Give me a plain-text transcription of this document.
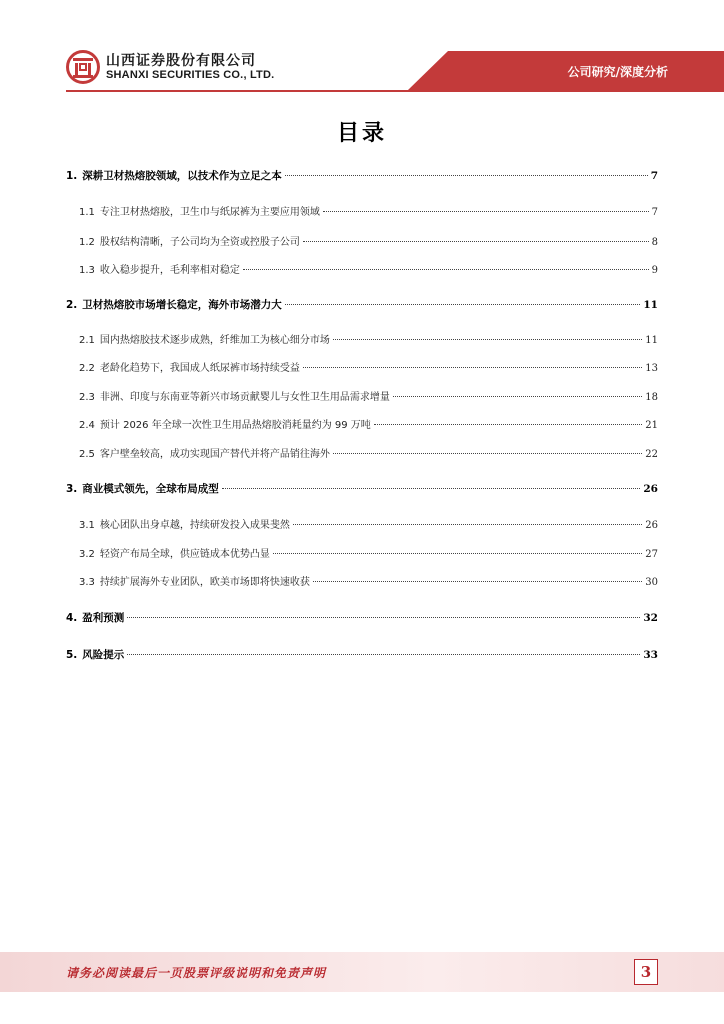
山西证券股份有限公司
SHANXI SECURITIES CO., LTD.	公司研究/深度分析
目录
1. 深耕卫材热熔胶领域，以技术作为立足之本	7
1.1 专注卫材热熔胶，卫生巾与纸尿裤为主要应用领域	7
1.2 股权结构清晰，子公司均为全资或控股子公司	8
1.3 收入稳步提升，毛利率相对稳定	9
2. 卫材热熔胶市场增长稳定，海外市场潜力大	11
2.1 国内热熔胶技术逐步成熟，纤维加工为核心细分市场	11
2.2 老龄化趋势下，我国成人纸尿裤市场持续受益	13
2.3 非洲、印度与东南亚等新兴市场贡献婴儿与女性卫生用品需求增量	18
2.4 预计 2026 年全球一次性卫生用品热熔胶消耗量约为 99 万吨	21
2.5 客户壁垒较高，成功实现国产替代并将产品销往海外	22
3. 商业模式领先，全球布局成型	26
3.1 核心团队出身卓越，持续研发投入成果斐然	26
3.2 轻资产布局全球，供应链成本优势凸显	27
3.3 持续扩展海外专业团队，欧美市场即将快速收获	30
4. 盈利预测	32
5. 风险提示	33
请务必阅读最后一页股票评级说明和免责声明	3
